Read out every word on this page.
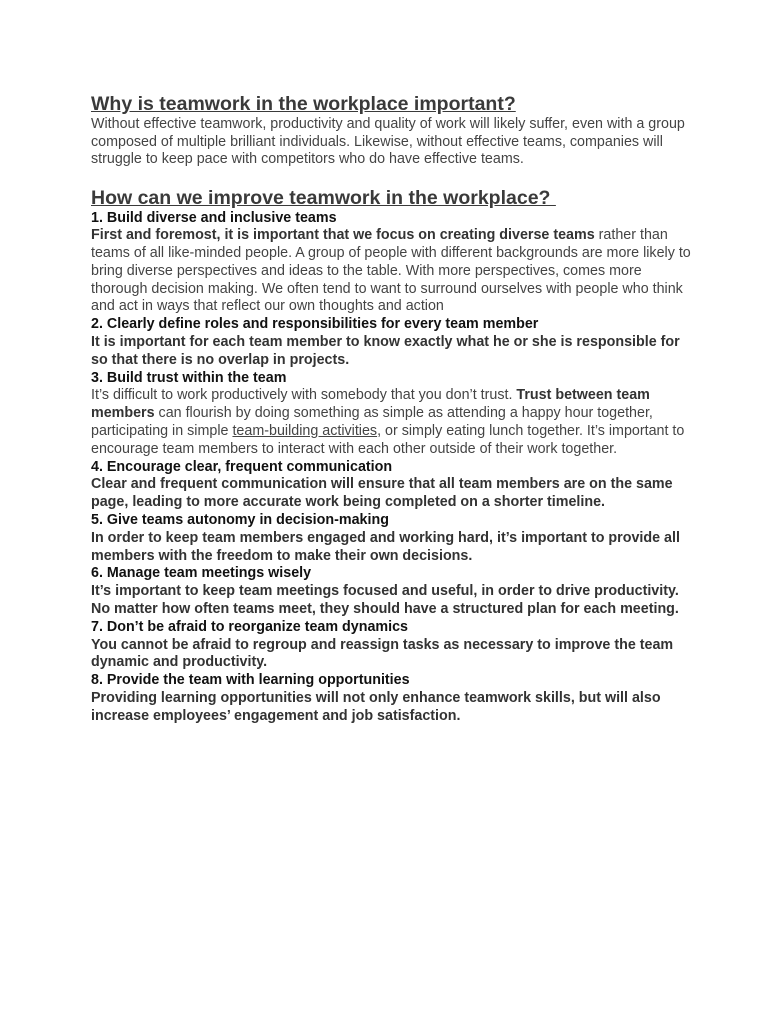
Why is teamwork in the workplace important?

Without effective teamwork, productivity and quality of work will likely suffer, even with a group composed of multiple brilliant individuals. Likewise, without effective teams, companies will struggle to keep pace with competitors who do have effective teams.

How can we improve teamwork in the workplace?

1. Build diverse and inclusive teams

First and foremost, it is important that we focus on creating diverse teams rather than teams of all like-minded people. A group of people with different backgrounds are more likely to bring diverse perspectives and ideas to the table. With more perspectives, comes more thorough decision making. We often tend to want to surround ourselves with people who think and act in ways that reflect our own thoughts and action

2. Clearly define roles and responsibilities for every team member

It is important for each team member to know exactly what he or she is responsible for so that there is no overlap in projects.

3. Build trust within the team

It’s difficult to work productively with somebody that you don’t trust. Trust between team members can flourish by doing something as simple as attending a happy hour together, participating in simple team-building activities, or simply eating lunch together. It’s important to encourage team members to interact with each other outside of their work together.

4. Encourage clear, frequent communication

Clear and frequent communication will ensure that all team members are on the same page, leading to more accurate work being completed on a shorter timeline.

5. Give teams autonomy in decision-making

In order to keep team members engaged and working hard, it’s important to provide all members with the freedom to make their own decisions.

6. Manage team meetings wisely

It’s important to keep team meetings focused and useful, in order to drive productivity. No matter how often teams meet, they should have a structured plan for each meeting.

7. Don’t be afraid to reorganize team dynamics

You cannot be afraid to regroup and reassign tasks as necessary to improve the team dynamic and productivity.

8. Provide the team with learning opportunities

Providing learning opportunities will not only enhance teamwork skills, but will also increase employees’ engagement and job satisfaction.
